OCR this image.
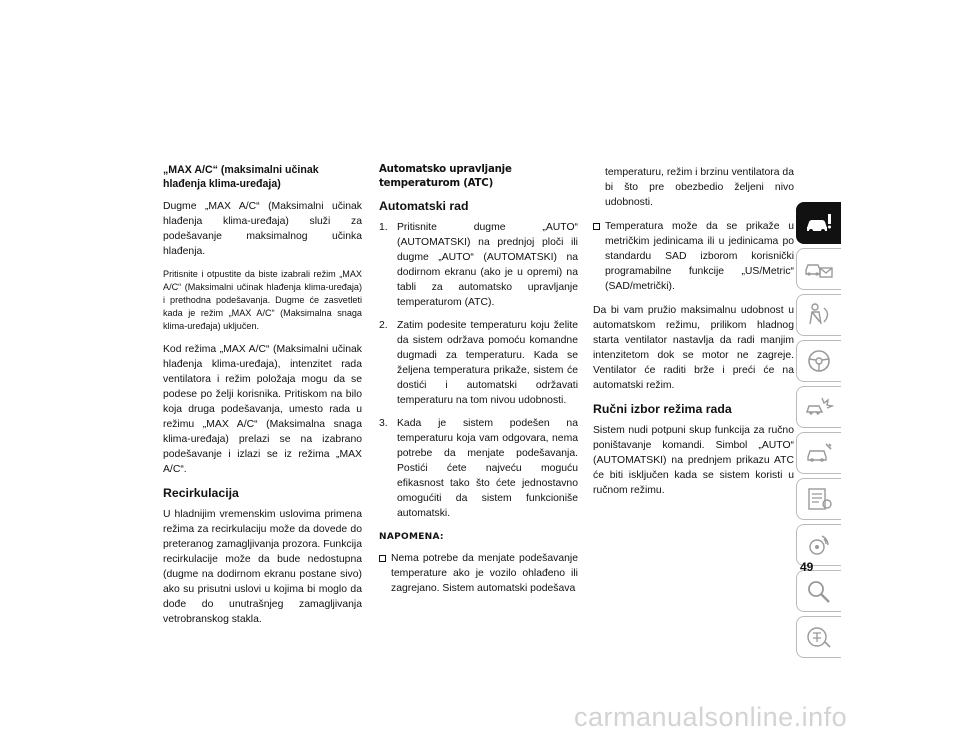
„MAX A/C“ (maksimalni učinak hlađenja klima-uređaja)

Dugme „MAX A/C“ (Maksimalni učinak hlađenja klima-uređaja) služi za podešavanje maksimalnog učinka hlađenja.

Pritisnite i otpustite da biste izabrali režim „MAX A/C“ (Maksimalni učinak hlađenja klima-uređaja) i prethodna podešavanja. Dugme će zasvetleti kada je režim „MAX A/C“ (Maksimalna snaga klima-uređaja) uključen.

Kod režima „MAX A/C“ (Maksimalni učinak hlađenja klima-uređaja), intenzitet rada ventilatora i režim položaja mogu da se podese po želji korisnika. Pritiskom na bilo koja druga podešavanja, umesto rada u režimu „MAX A/C“ (Maksimalna snaga klima-uređaja) prelazi se na izabrano podešavanje i izlazi se iz režima „MAX A/C“.

Recirkulacija

U hladnijim vremenskim uslovima primena režima za recirkulaciju može da dovede do preteranog zamagljivanja prozora. Funkcija recirkulacije može da bude nedostupna (dugme na dodirnom ekranu postane sivo) ako su prisutni uslovi u kojima bi moglo da dođe do unutrašnjeg zamagljivanja vetrobranskog stakla.

Automatsko upravljanje temperaturom (ATC)
Automatski rad
1. Pritisnite dugme „AUTO“ (AUTOMATSKI) na prednjoj ploči ili dugme „AUTO“ (AUTOMATSKI) na dodirnom ekranu (ako je u opremi) na tabli za automatsko upravljanje temperaturom (ATC).
2. Zatim podesite temperaturu koju želite da sistem održava pomoću komandne dugmadi za temperaturu. Kada se željena temperatura prikaže, sistem će dostići i automatski održavati temperaturu na tom nivou udobnosti.
3. Kada je sistem podešen na temperaturu koja vam odgovara, nema potrebe da menjate podešavanja. Postići ćete najveću moguću efikasnost tako što ćete jednostavno omogućiti da sistem funkcioniše automatski.
NAPOMENA:
Nema potrebe da menjate podešavanje temperature ako je vozilo ohlađeno ili zagrejano. Sistem automatski podešava

temperaturu, režim i brzinu ventilatora da bi što pre obezbedio željeni nivo udobnosti.

Temperatura može da se prikaže u metričkim jedinicama ili u jedinicama po standardu SAD izborom korisnički programabilne funkcije „US/Metric“ (SAD/metrički).

Da bi vam pružio maksimalnu udobnost u automatskom režimu, prilikom hladnog starta ventilator nastavlja da radi manjim intenzitetom dok se motor ne zagreje. Ventilator će raditi brže i preći će na automatski režim.

Ručni izbor režima rada

Sistem nudi potpuni skup funkcija za ručno poništavanje komandi. Simbol „AUTO“ (AUTOMATSKI) na prednjem prikazu ATC će biti isključen kada se sistem koristi u ručnom režimu.

49
carmanualsonline.info
